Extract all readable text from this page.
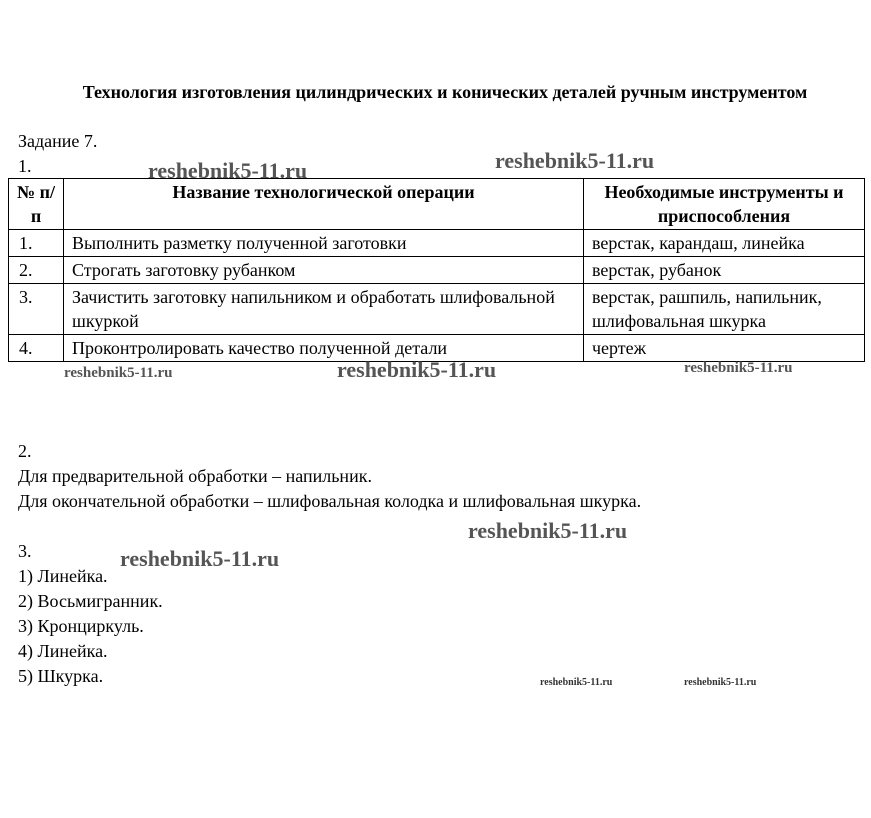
Технология изготовления цилиндрических и конических деталей ручным инструментом
Задание 7.
1.
№ п/п	Название технологической операции	Необходимые инструменты и приспособления
1.	Выполнить разметку полученной заготовки	верстак, карандаш, линейка
2.	Строгать заготовку рубанком	верстак, рубанок
3.	Зачистить заготовку напильником и обработать шлифовальной шкуркой	верстак, рашпиль, напильник, шлифовальная шкурка
4.	Проконтролировать качество полученной детали	чертеж
2.
Для предварительной обработки – напильник.
Для окончательной обработки – шлифовальная колодка и шлифовальная шкурка.
3.
1) Линейка.
2) Восьмигранник.
3) Кронциркуль.
4) Линейка.
5) Шкурка.
reshebnik5-11.ru	reshebnik5-11.ru
reshebnik5-11.ru	reshebnik5-11.ru	reshebnik5-11.ru
reshebnik5-11.ru
reshebnik5-11.ru
reshebnik5-11.ru	reshebnik5-11.ru
